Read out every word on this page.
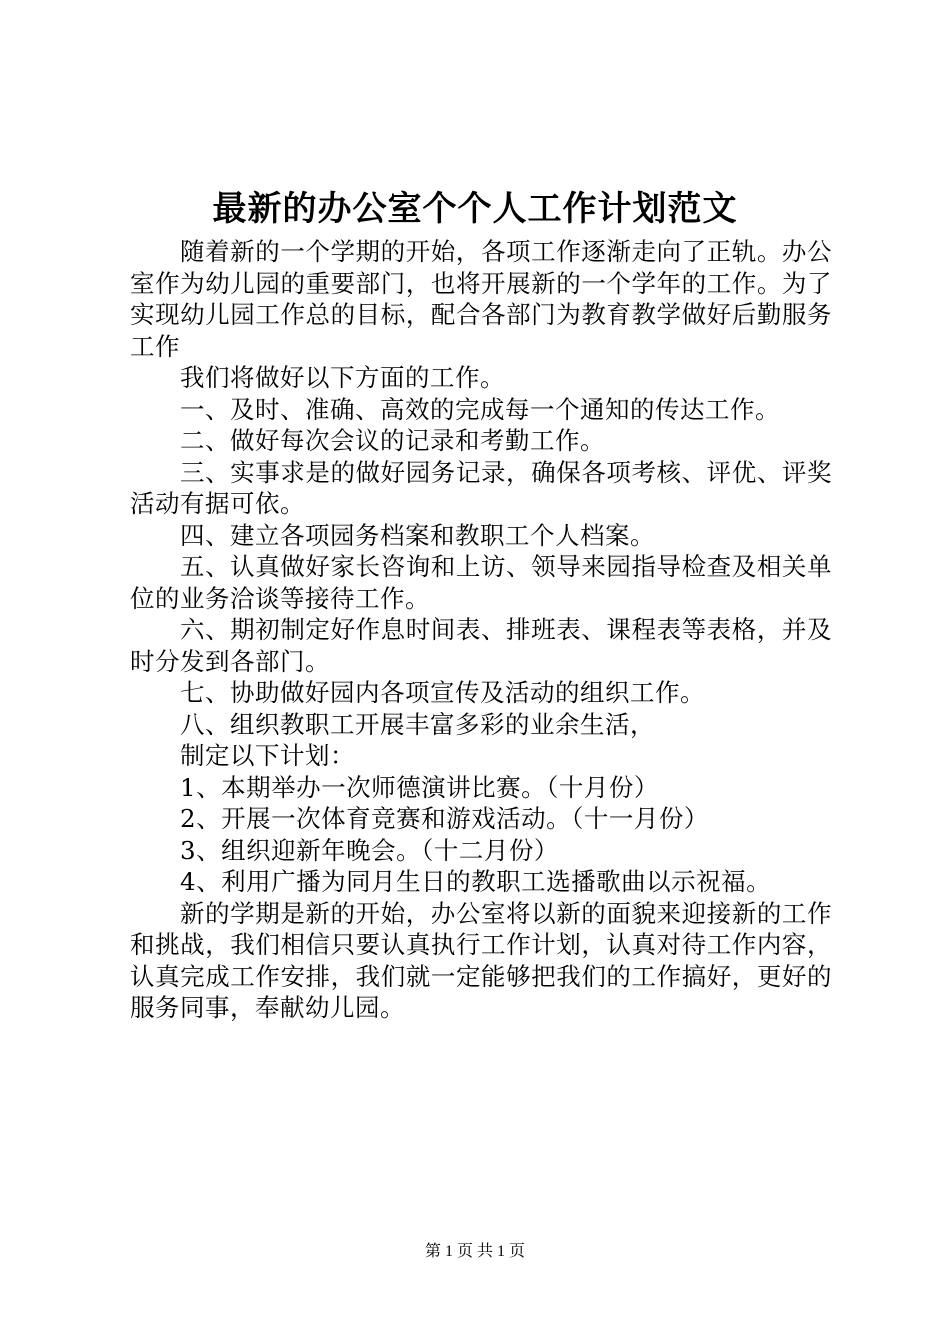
最新的办公室个个人工作计划范文

随着新的一个学期的开始，各项工作逐渐走向了正轨。办公室作为幼儿园的重要部门，也将开展新的一个学年的工作。为了实现幼儿园工作总的目标，配合各部门为教育教学做好后勤服务工作

我们将做好以下方面的工作。

一、及时、准确、高效的完成每一个通知的传达工作。

二、做好每次会议的记录和考勤工作。

三、实事求是的做好园务记录，确保各项考核、评优、评奖活动有据可依。

四、建立各项园务档案和教职工个人档案。

五、认真做好家长咨询和上访、领导来园指导检查及相关单位的业务洽谈等接待工作。

六、期初制定好作息时间表、排班表、课程表等表格，并及时分发到各部门。

七、协助做好园内各项宣传及活动的组织工作。

八、组织教职工开展丰富多彩的业余生活，

制定以下计划：

1、本期举办一次师德演讲比赛。（十月份）

2、开展一次体育竞赛和游戏活动。（十一月份）

3、组织迎新年晚会。（十二月份）

4、利用广播为同月生日的教职工选播歌曲以示祝福。

新的学期是新的开始，办公室将以新的面貌来迎接新的工作和挑战，我们相信只要认真执行工作计划，认真对待工作内容，认真完成工作安排，我们就一定能够把我们的工作搞好，更好的服务同事，奉献幼儿园。

第 1 页 共 1 页
